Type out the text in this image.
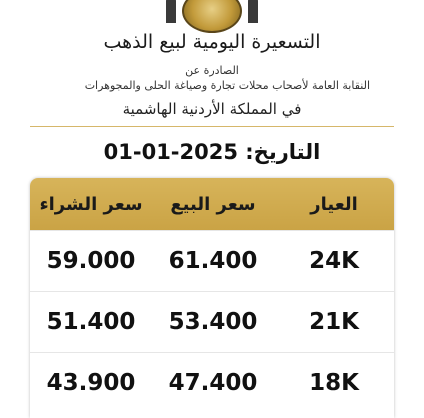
التسعيرة اليومية لبيع الذهب
الصادرة عن
النقابة العامة لأصحاب محلات تجارة وصياغة الحلى والمجوهرات
في المملكة الأردنية الهاشمية
01-01-2025 التاريخ:
سعر الشراء	سعر البيع	العيار
59.000	61.400	24K
51.400	53.400	21K
43.900	47.400	18K
